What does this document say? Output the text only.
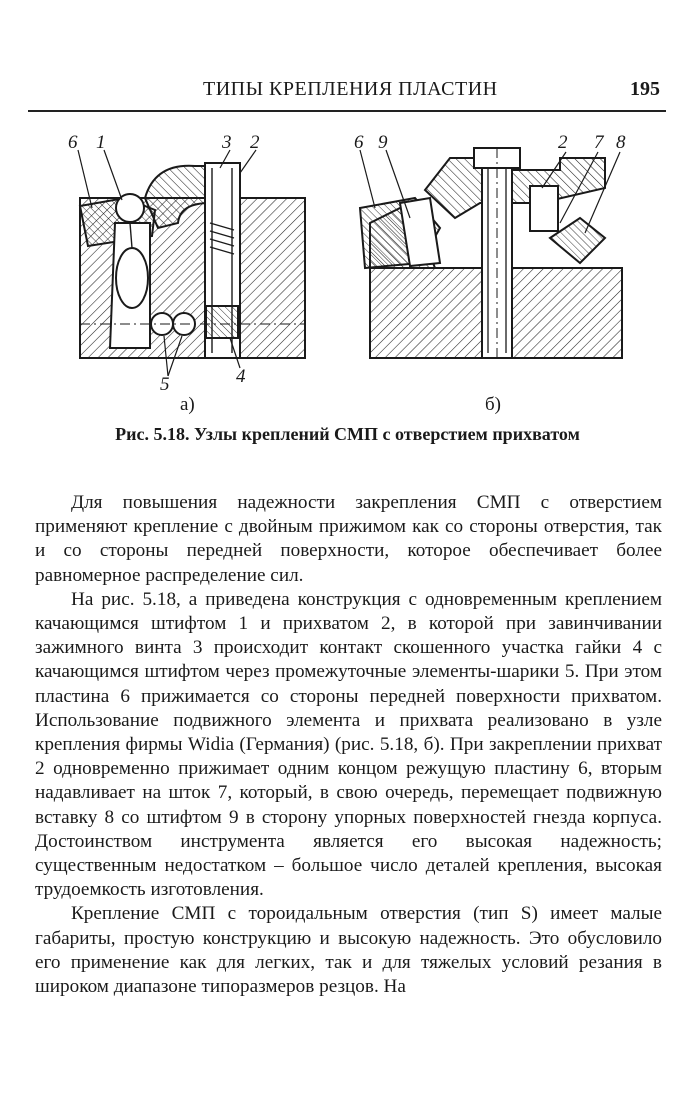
ТИПЫ КРЕПЛЕНИЯ ПЛАСТИН	195
6 1	3 2
5	4
а)
6 9	2 7 8
б)
Рис. 5.18. Узлы креплений СМП с отверстием прихватом

Для повышения надежности закрепления СМП с отверстием применяют крепление с двойным прижимом как со стороны отверстия, так и со стороны передней поверхности, которое обеспечивает более равномерное распределение сил.

На рис. 5.18, а приведена конструкция с одновременным креплением качающимся штифтом 1 и прихватом 2, в которой при завинчивании зажимного винта 3 происходит контакт скошенного участка гайки 4 с качающимся штифтом через промежуточные элементы-шарики 5. При этом пластина 6 прижимается со стороны передней поверхности прихватом. Использование подвижного элемента и прихвата реализовано в узле крепления фирмы Widia (Германия) (рис. 5.18, б). При закреплении прихват 2 одновременно прижимает одним концом режущую пластину 6, вторым надавливает на шток 7, который, в свою очередь, перемещает подвижную вставку 8 со штифтом 9 в сторону упорных поверхностей гнезда корпуса. Достоинством инструмента является его высокая надежность; существенным недостатком – большое число деталей крепления, высокая трудоемкость изготовления.

Крепление СМП с тороидальным отверстия (тип S) имеет малые габариты, простую конструкцию и высокую надежность. Это обусловило его применение как для легких, так и для тяжелых условий резания в широком диапазоне типоразмеров резцов. На
